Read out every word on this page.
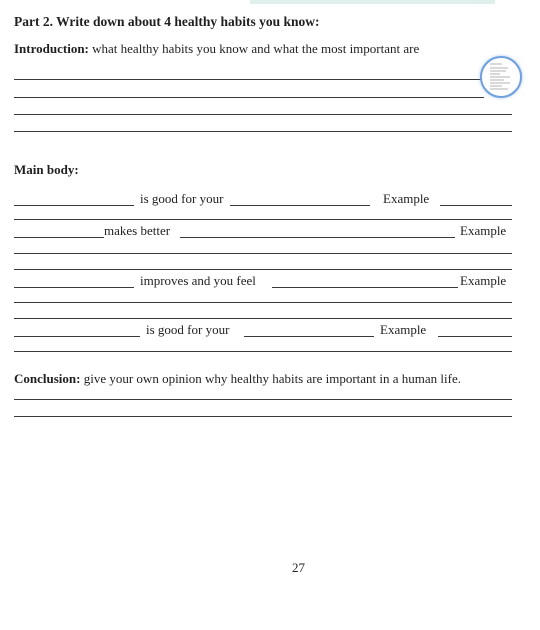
Part 2. Write down about 4 healthy habits you know:
Introduction: what healthy habits you know and what the most important are
Main body:
is good for your	Example
makes better	Example
improves and you feel	Example
is good for your	Example
Conclusion: give your own opinion why healthy habits are important in a human life.
27
